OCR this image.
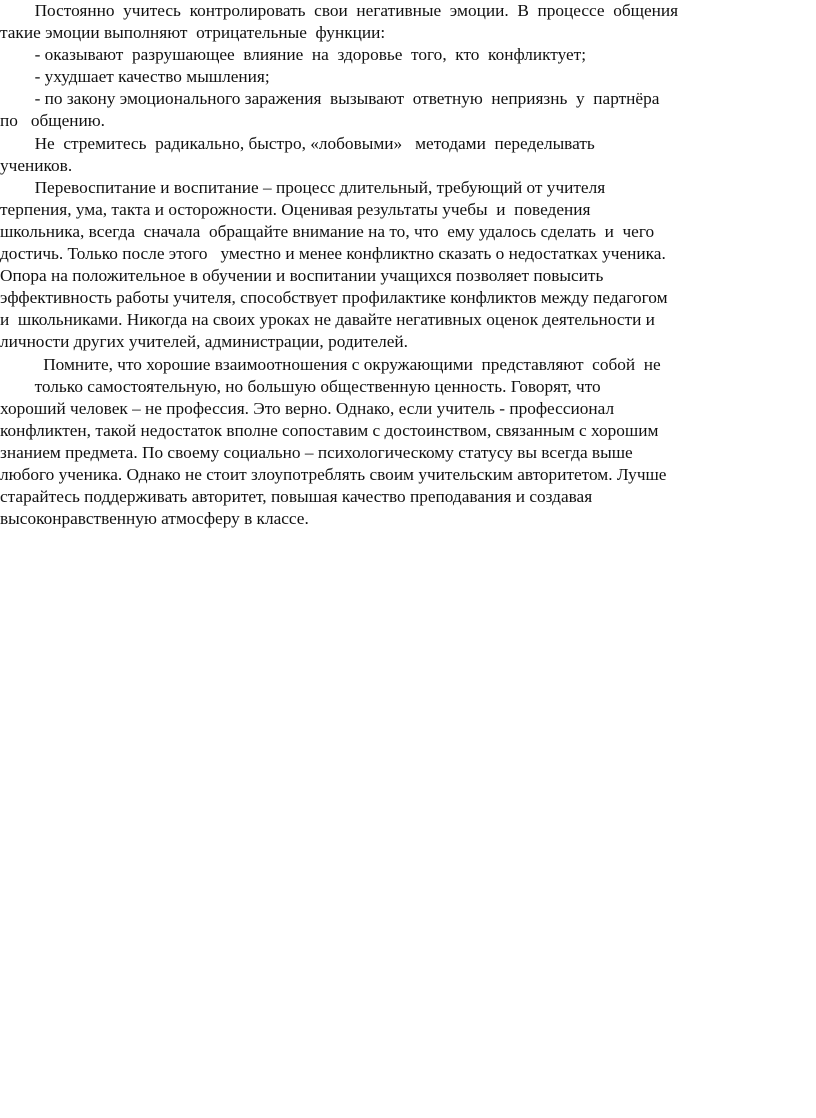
Постоянно  учитесь  контролировать  свои  негативные  эмоции.  В  процессе  общения
такие эмоции выполняют  отрицательные  функции:
- оказывают  разрушающее  влияние  на  здоровье  того,  кто  конфликтует;
- ухудшает качество мышления;
- по закону эмоционального заражения  вызывают  ответную  неприязнь  у  партнёра
по   общению.
Не  стремитесь  радикально, быстро, «лобовыми»   методами  переделывать
учеников.
Перевоспитание и воспитание – процесс длительный, требующий от учителя
терпения, ума, такта и осторожности. Оценивая результаты учебы  и  поведения
школьника, всегда  сначала  обращайте внимание на то, что  ему удалось сделать  и  чего
достичь. Только после этого   уместно и менее конфликтно сказать о недостатках ученика.
Опора на положительное в обучении и воспитании учащихся позволяет повысить
эффективность работы учителя, способствует профилактике конфликтов между педагогом
и  школьниками. Никогда на своих уроках не давайте негативных оценок деятельности и
личности других учителей, администрации, родителей.
Помните, что хорошие взаимоотношения с окружающими  представляют  собой  не
только самостоятельную, но большую общественную ценность. Говорят, что
хороший человек – не профессия. Это верно. Однако, если учитель - профессионал
конфликтен, такой недостаток вполне сопоставим с достоинством, связанным с хорошим
знанием предмета. По своему социально – психологическому статусу вы всегда выше
любого ученика. Однако не стоит злоупотреблять своим учительским авторитетом. Лучше
старайтесь поддерживать авторитет, повышая качество преподавания и создавая
высоконравственную атмосферу в классе.
